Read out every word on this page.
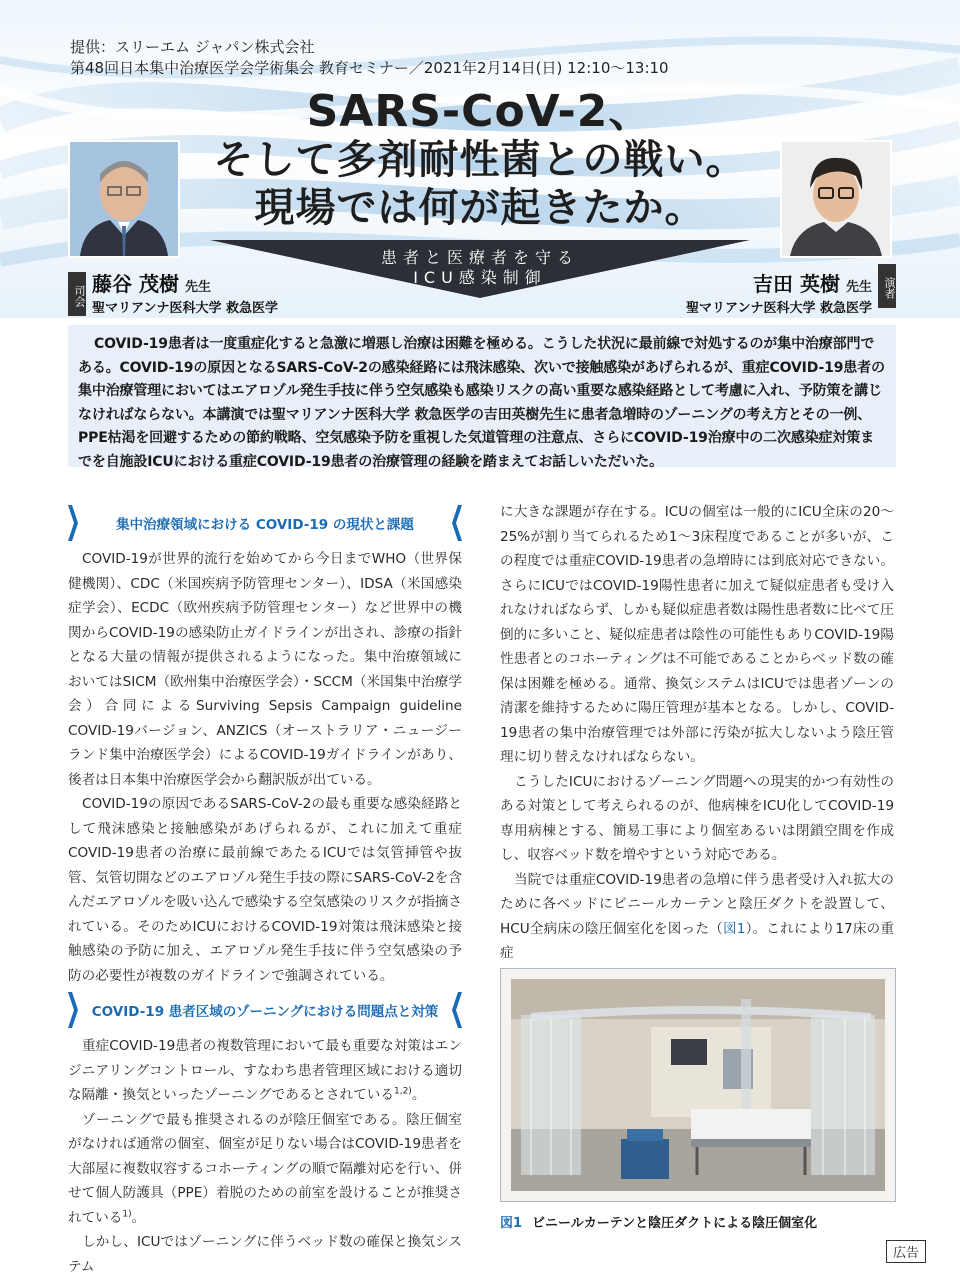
提供：スリーエム ジャパン株式会社
第48回日本集中治療医学会学術集会 教育セミナー／2021年2月14日(日) 12:10～13:10
SARS-CoV-2、
そして多剤耐性菌との戦い。
現場では何が起きたか。
患者と医療者を守る
ICU感染制御
司会 藤谷 茂樹 先生
聖マリアンナ医科大学 救急医学
演者
吉田 英樹 先生
聖マリアンナ医科大学 救急医学
COVID-19患者は一度重症化すると急激に増悪し治療は困難を極める。こうした状況に最前線で対処するのが集中治療部門である。COVID-19の原因となるSARS-CoV-2の感染経路には飛沫感染、次いで接触感染があげられるが、重症COVID-19患者の集中治療管理においてはエアロゾル発生手技に伴う空気感染も感染リスクの高い重要な感染経路として考慮に入れ、予防策を講じなければならない。本講演では聖マリアンナ医科大学 救急医学の吉田英樹先生に患者急増時のゾーニングの考え方とその一例、PPE枯渇を回避するための節約戦略、空気感染予防を重視した気道管理の注意点、さらにCOVID-19治療中の二次感染症対策までを自施設ICUにおける重症COVID-19患者の治療管理の経験を踏まえてお話しいただいた。
集中治療領域における COVID-19 の現状と課題

COVID-19が世界的流行を始めてから今日までWHO（世界保健機関）、CDC（米国疾病予防管理センター）、IDSA（米国感染症学会）、ECDC（欧州疾病予防管理センター）など世界中の機関からCOVID-19の感染防止ガイドラインが出され、診療の指針となる大量の情報が提供されるようになった。集中治療領域においてはSICM（欧州集中治療医学会）・SCCM（米国集中治療学会）合同によるSurviving Sepsis Campaign guideline COVID-19バージョン、ANZICS（オーストラリア・ニュージーランド集中治療医学会）によるCOVID-19ガイドラインがあり、後者は日本集中治療医学会から翻訳版が出ている。

COVID-19の原因であるSARS-CoV-2の最も重要な感染経路として飛沫感染と接触感染があげられるが、これに加えて重症COVID-19患者の治療に最前線であたるICUでは気管挿管や抜管、気管切開などのエアロゾル発生手技の際にSARS-CoV-2を含んだエアロゾルを吸い込んで感染する空気感染のリスクが指摘されている。そのためICUにおけるCOVID-19対策は飛沫感染と接触感染の予防に加え、エアロゾル発生手技に伴う空気感染の予防の必要性が複数のガイドラインで強調されている。

COVID-19 患者区域のゾーニングにおける問題点と対策

重症COVID-19患者の複数管理において最も重要な対策はエンジニアリングコントロール、すなわち患者管理区域における適切な隔離・換気といったゾーニングであるとされている$^{1,2)}$。

ゾーニングで最も推奨されるのが陰圧個室である。陰圧個室がなければ通常の個室、個室が足りない場合はCOVID-19患者を大部屋に複数収容するコホーティングの順で隔離対応を行い、併せて個人防護具（PPE）着脱のための前室を設けることが推奨されている$^{1)}$。

しかし、ICUではゾーニングに伴うベッド数の確保と換気システム

に大きな課題が存在する。ICUの個室は一般的にICU全床の20～25%が割り当てられるため1～3床程度であることが多いが、この程度では重症COVID-19患者の急増時には到底対応できない。さらにICUではCOVID-19陽性患者に加えて疑似症患者も受け入れなければならず、しかも疑似症患者数は陽性患者数に比べて圧倒的に多いこと、疑似症患者は陰性の可能性もありCOVID-19陽性患者とのコホーティングは不可能であることからベッド数の確保は困難を極める。通常、換気システムはICUでは患者ゾーンの清潔を維持するために陽圧管理が基本となる。しかし、COVID-19患者の集中治療管理では外部に汚染が拡大しないよう陰圧管理に切り替えなければならない。

こうしたICUにおけるゾーニング問題への現実的かつ有効性のある対策として考えられるのが、他病棟をICU化してCOVID-19専用病棟とする、簡易工事により個室あるいは閉鎖空間を作成し、収容ベッド数を増やすという対応である。

当院では重症COVID-19患者の急増に伴う患者受け入れ拡大のために各ベッドにビニールカーテンと陰圧ダクトを設置して、HCU全病床の陰圧個室化を図った（図1）。これにより17床の重症

図1 ビニールカーテンと陰圧ダクトによる陰圧個室化
広告
